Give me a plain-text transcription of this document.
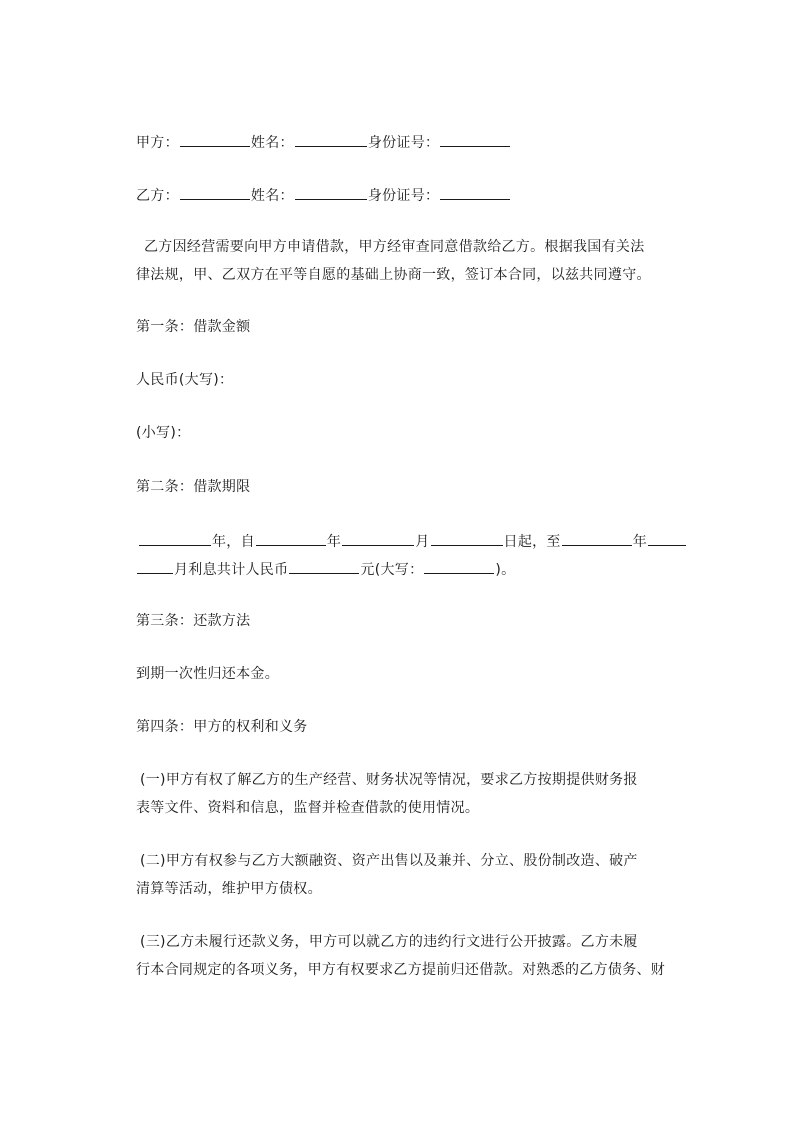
甲方：	姓名：	身份证号：
乙方：	姓名：	身份证号：
乙方因经营需要向甲方申请借款，甲方经审查同意借款给乙方。根据我国有关法
律法规，甲、乙双方在平等自愿的基础上协商一致，签订本合同，以兹共同遵守。
第一条：借款金额
人民币(大写)：
(小写)：
第二条：借款期限
年，自	年	月	日起，至	年
月利息共计人民币	元(大写：	)。
第三条：还款方法
到期一次性归还本金。
第四条：甲方的权利和义务
(一)甲方有权了解乙方的生产经营、财务状况等情况，要求乙方按期提供财务报
表等文件、资料和信息，监督并检查借款的使用情况。
(二)甲方有权参与乙方大额融资、资产出售以及兼并、分立、股份制改造、破产
清算等活动，维护甲方债权。
(三)乙方未履行还款义务，甲方可以就乙方的违约行文进行公开披露。乙方未履
行本合同规定的各项义务，甲方有权要求乙方提前归还借款。对熟悉的乙方债务、财
